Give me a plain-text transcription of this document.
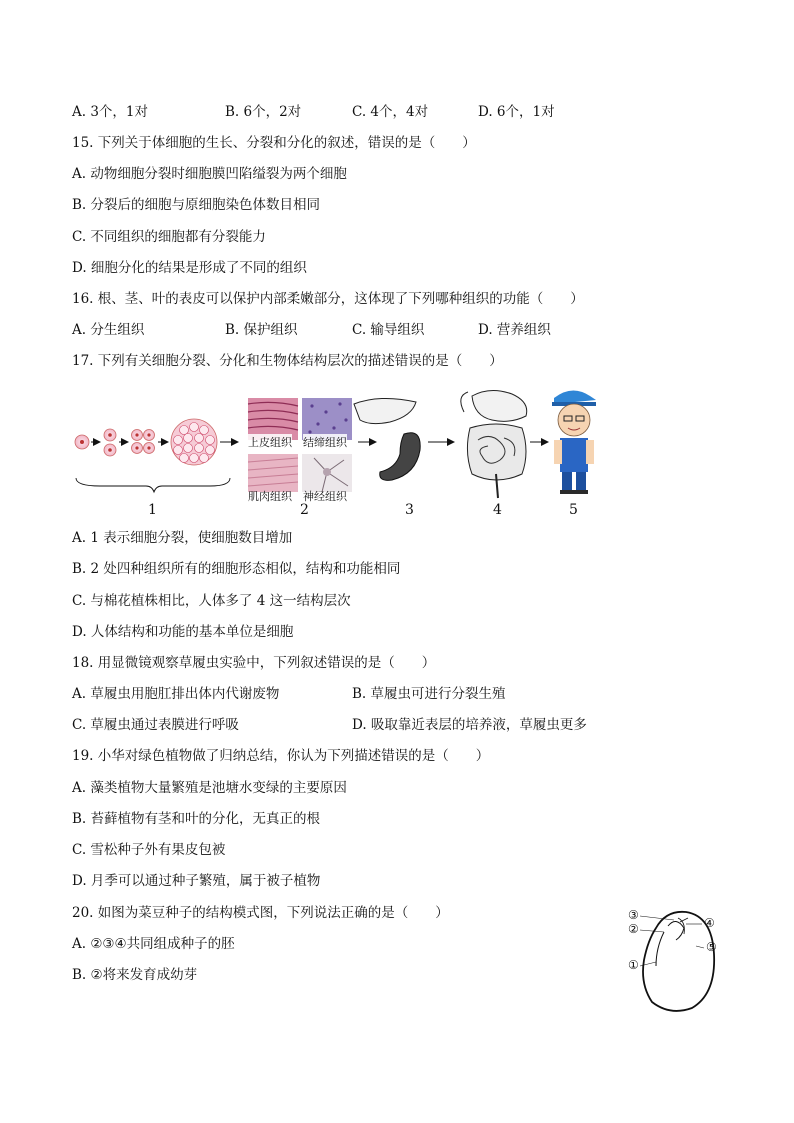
A. 3个，1对	B. 6个，2对	C. 4个，4对	D. 6个，1对
15. 下列关于体细胞的生长、分裂和分化的叙述，错误的是（　　）
A. 动物细胞分裂时细胞膜凹陷缢裂为两个细胞
B. 分裂后的细胞与原细胞染色体数目相同
C. 不同组织的细胞都有分裂能力
D. 细胞分化的结果是形成了不同的组织
16. 根、茎、叶的表皮可以保护内部柔嫩部分，这体现了下列哪种组织的功能（　　）
A. 分生组织	B. 保护组织	C. 输导组织	D. 营养组织
17. 下列有关细胞分裂、分化和生物体结构层次的描述错误的是（　　）
上皮组织 结缔组织
肌肉组织 神经组织
1	2	3	4	5
A. 1 表示细胞分裂，使细胞数目增加
B. 2 处四种组织所有的细胞形态相似，结构和功能相同
C. 与棉花植株相比，人体多了 4 这一结构层次
D. 人体结构和功能的基本单位是细胞
18. 用显微镜观察草履虫实验中，下列叙述错误的是（　　）
A. 草履虫用胞肛排出体内代谢废物	B. 草履虫可进行分裂生殖
C. 草履虫通过表膜进行呼吸	D. 吸取靠近表层的培养液，草履虫更多
19. 小华对绿色植物做了归纳总结，你认为下列描述错误的是（　　）
A. 藻类植物大量繁殖是池塘水变绿的主要原因
B. 苔藓植物有茎和叶的分化，无真正的根
C. 雪松种子外有果皮包被
D. 月季可以通过种子繁殖，属于被子植物
20. 如图为菜豆种子的结构模式图，下列说法正确的是（　　）
A. ②③④共同组成种子的胚
B. ②将来发育成幼芽
③
②
①
④
⑤
